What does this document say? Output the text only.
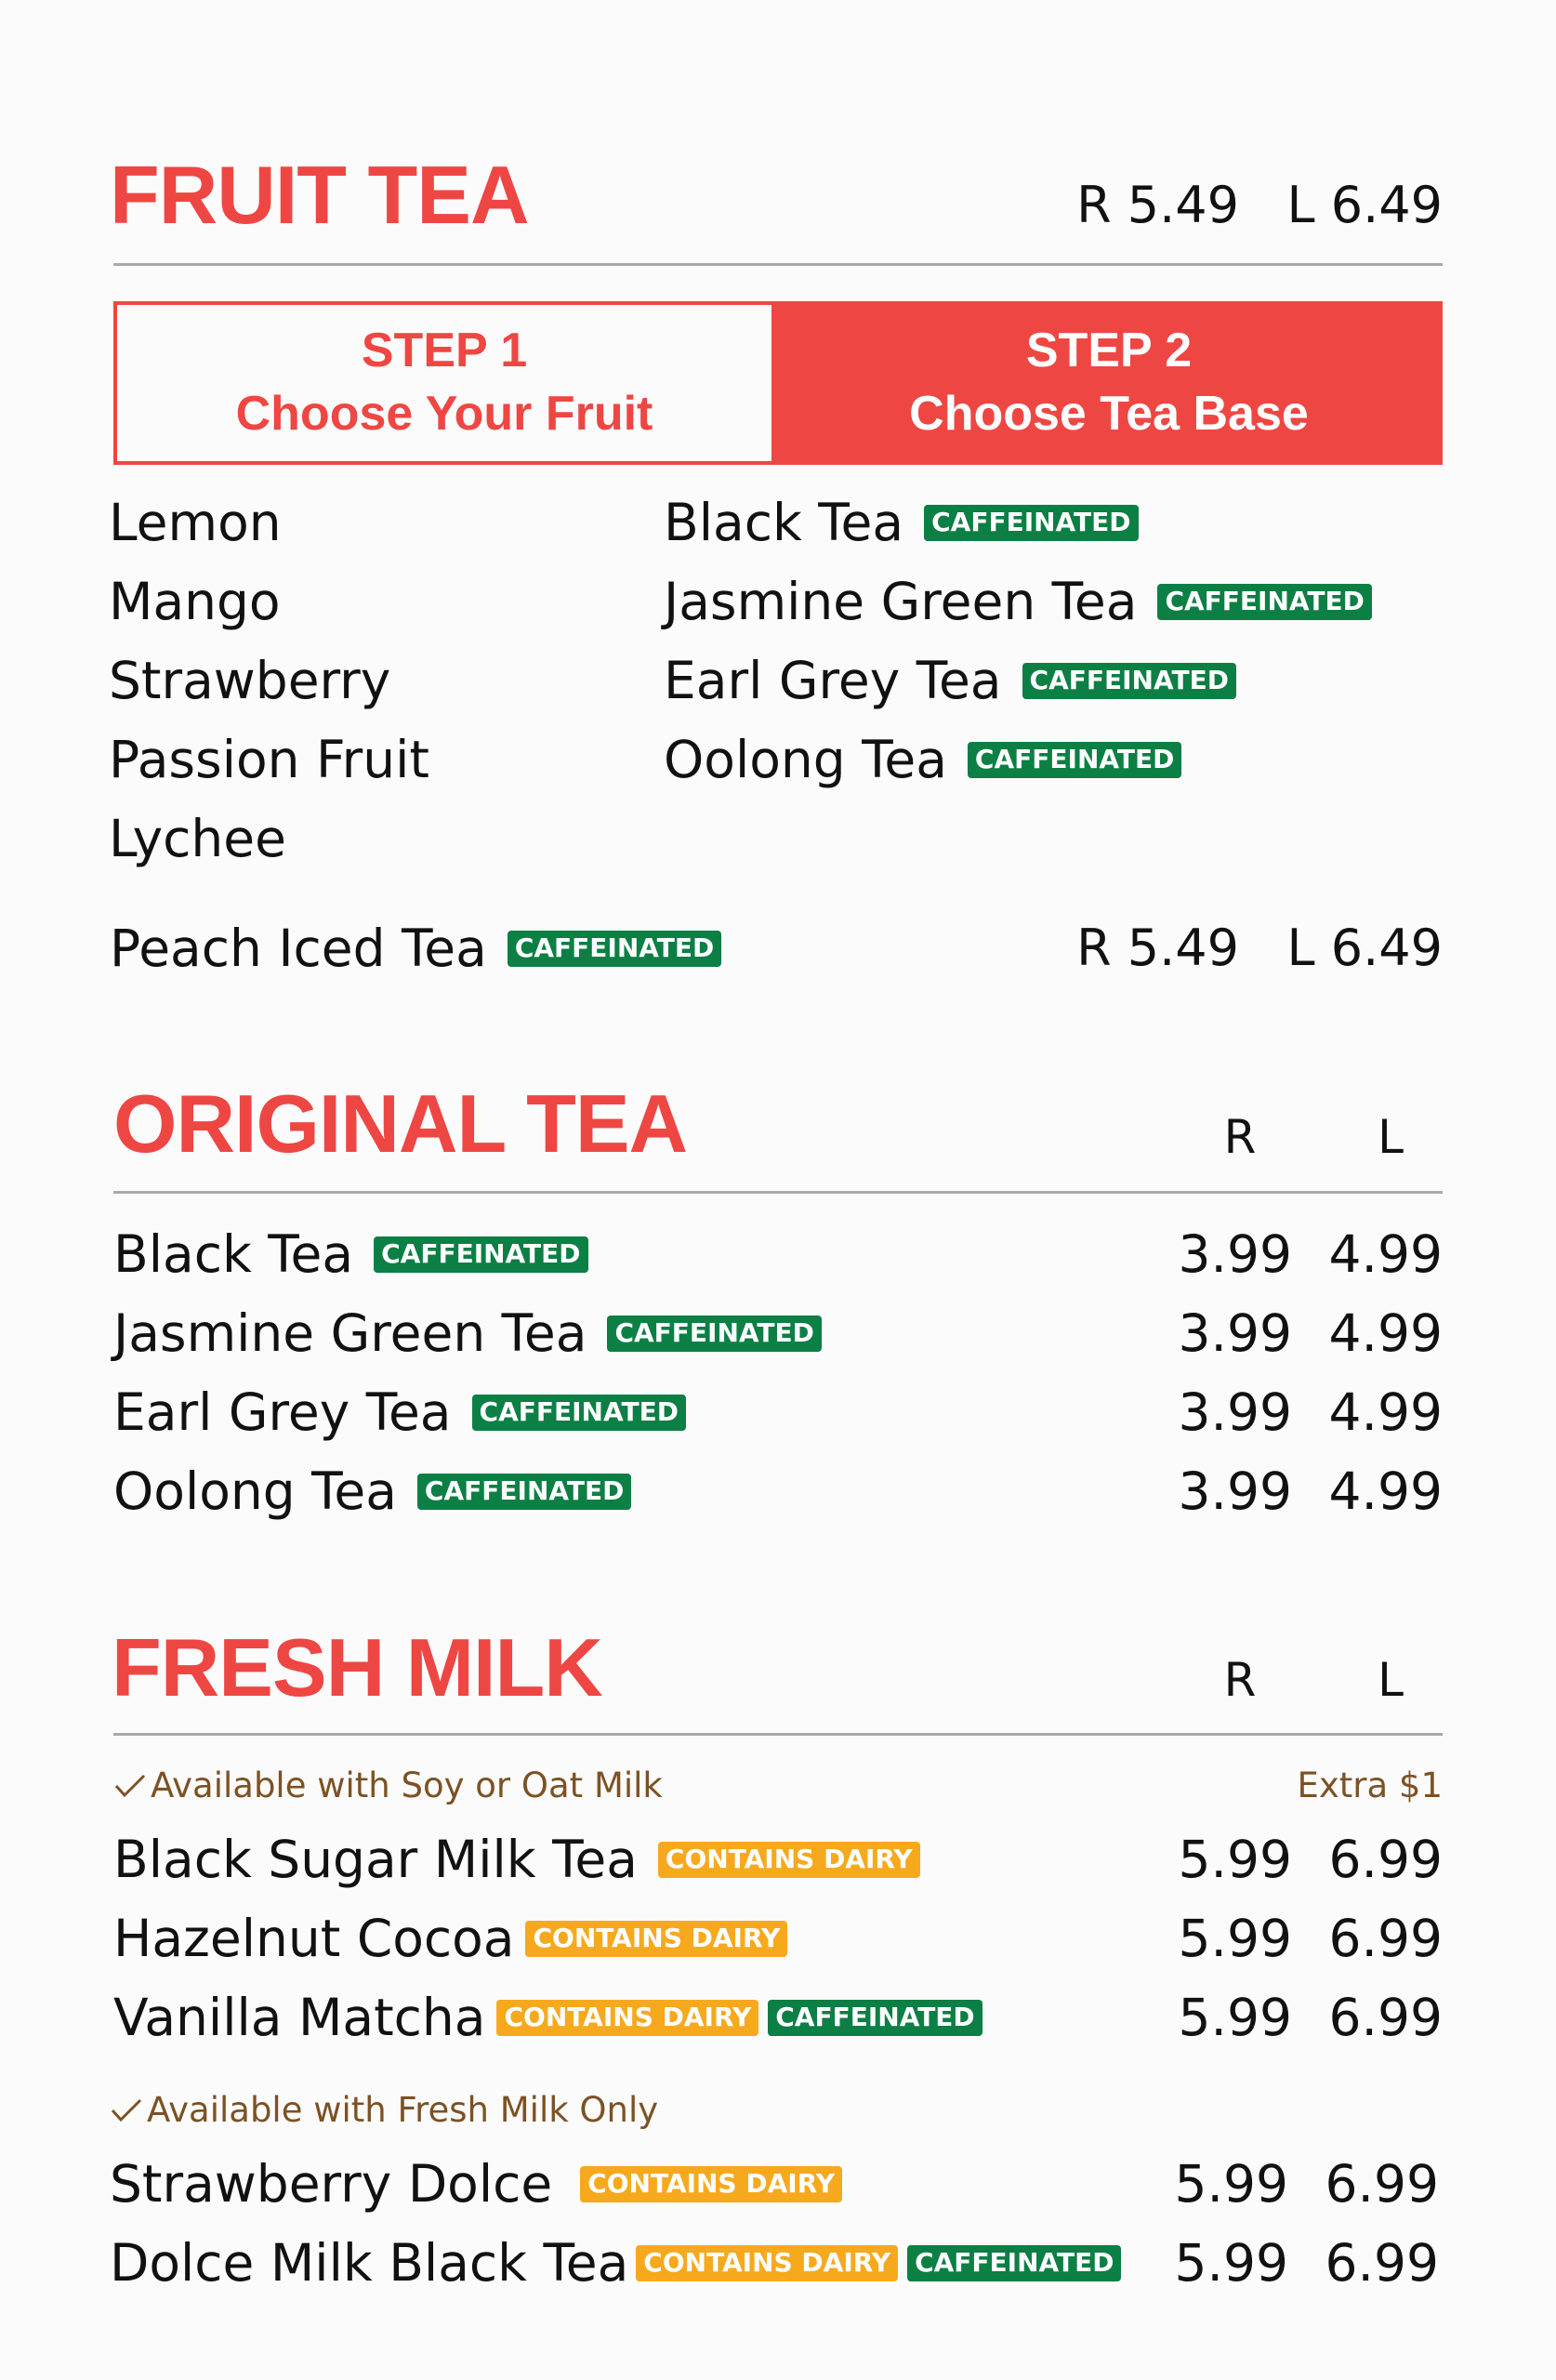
FRUIT TEA	R 5.49   L 6.49
STEP 1
Choose Your Fruit
STEP 2
Choose Tea Base
Lemon
Mango
Strawberry
Passion Fruit
Lychee
Black Tea CAFFEINATED
Jasmine Green Tea CAFFEINATED
Earl Grey Tea CAFFEINATED
Oolong Tea CAFFEINATED
Peach Iced Tea CAFFEINATED	R 5.49   L 6.49
ORIGINAL TEA	R	L
Black Tea CAFFEINATED	3.99 4.99
Jasmine Green Tea CAFFEINATED	3.99 4.99
Earl Grey Tea CAFFEINATED	3.99 4.99
Oolong Tea CAFFEINATED	3.99 4.99
FRESH MILK	R	L
Available with Soy or Oat Milk	Extra $1
Black Sugar Milk Tea CONTAINS DAIRY	5.99 6.99
Hazelnut Cocoa CONTAINS DAIRY	5.99 6.99
Vanilla Matcha CONTAINS DAIRY CAFFEINATED	5.99 6.99
Available with Fresh Milk Only
Strawberry Dolce CONTAINS DAIRY	5.99 6.99
Dolce Milk Black Tea CONTAINS DAIRY CAFFEINATED	5.99 6.99
